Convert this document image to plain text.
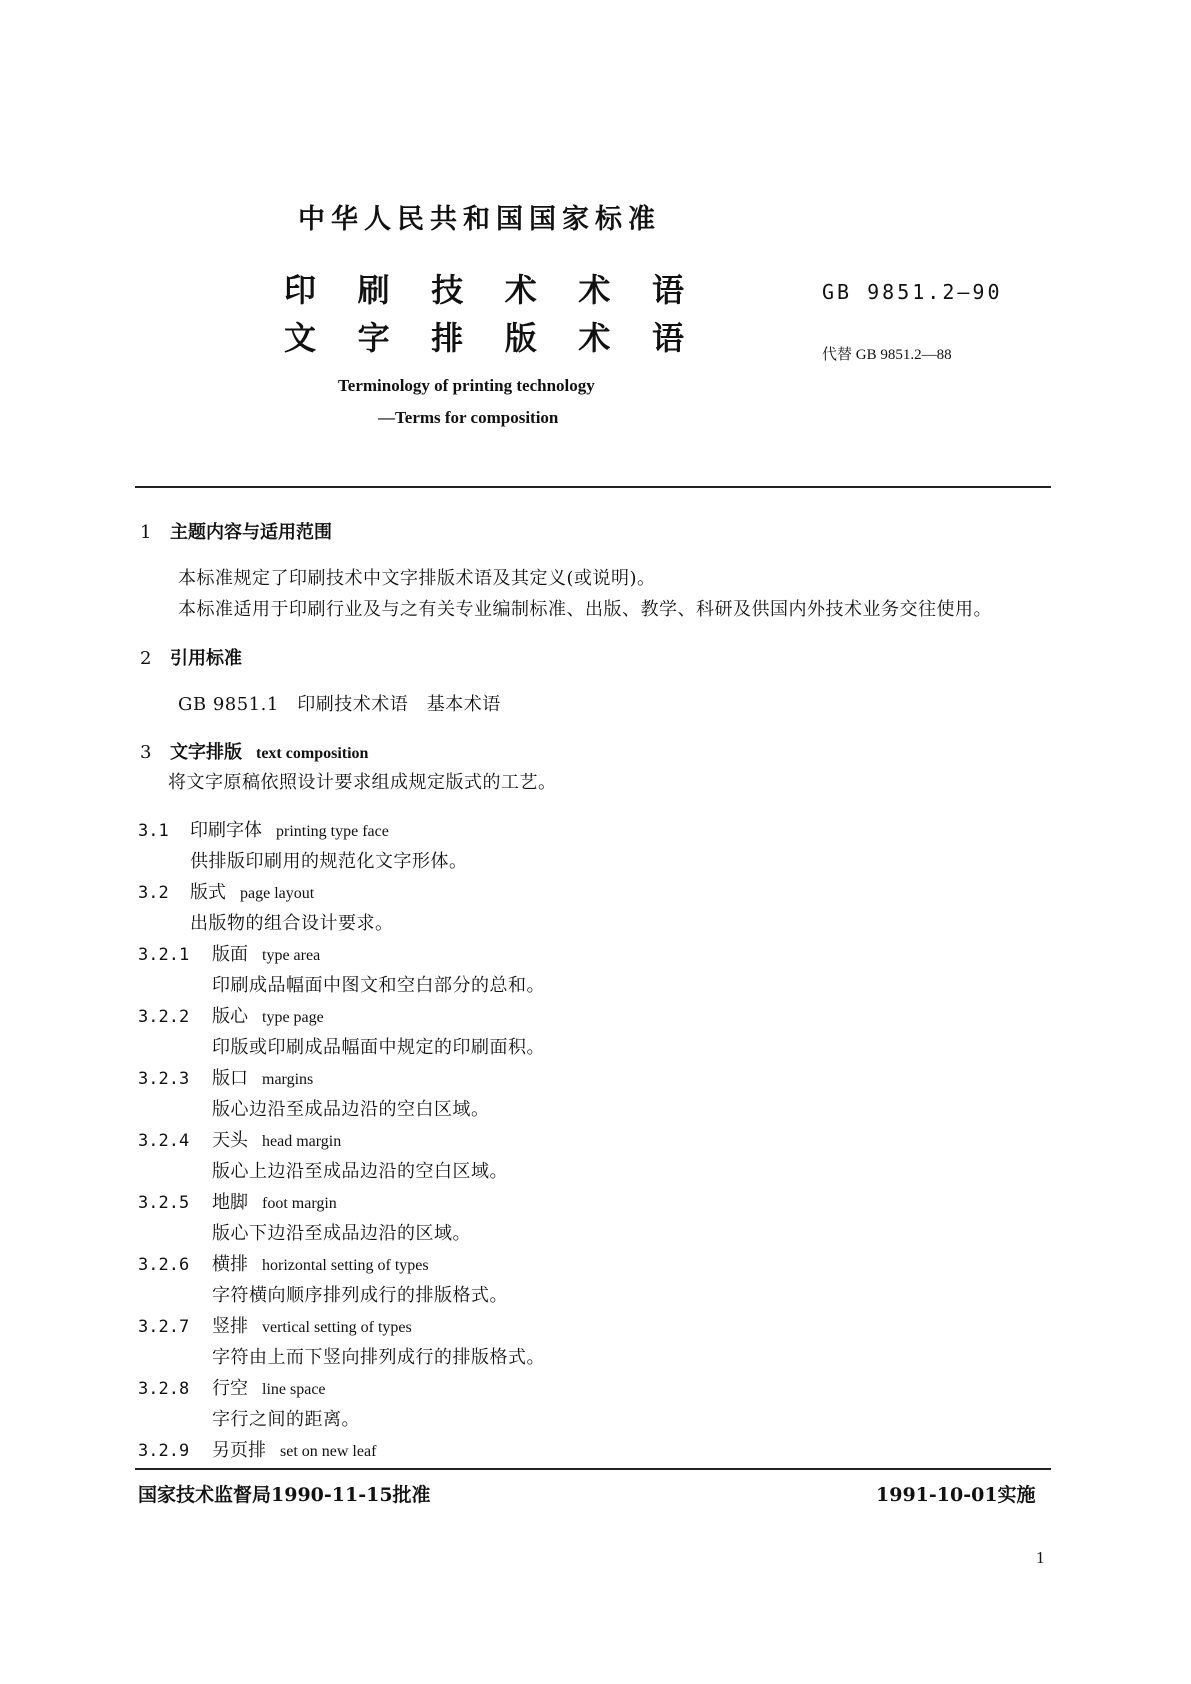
中华人民共和国国家标准
印 刷 技 术 术 语
文 字 排 版 术 语
GB 9851.2—90
代替 GB 9851.2—88
Terminology of printing technology
—Terms for composition
1 主题内容与适用范围
本标准规定了印刷技术中文字排版术语及其定义(或说明)。
本标准适用于印刷行业及与之有关专业编制标准、出版、教学、科研及供国内外技术业务交往使用。
2 引用标准
GB 9851.1　印刷技术术语　基本术语
3 文字排版 text composition
将文字原稿依照设计要求组成规定版式的工艺。
3.1 印刷字体 printing type face
供排版印刷用的规范化文字形体。
3.2 版式 page layout
出版物的组合设计要求。
3.2.1 版面 type area
印刷成品幅面中图文和空白部分的总和。
3.2.2 版心 type page
印版或印刷成品幅面中规定的印刷面积。
3.2.3 版口 margins
版心边沿至成品边沿的空白区域。
3.2.4 天头 head margin
版心上边沿至成品边沿的空白区域。
3.2.5 地脚 foot margin
版心下边沿至成品边沿的区域。
3.2.6 横排 horizontal setting of types
字符横向顺序排列成行的排版格式。
3.2.7 竖排 vertical setting of types
字符由上而下竖向排列成行的排版格式。
3.2.8 行空 line space
字行之间的距离。
3.2.9 另页排 set on new leaf
国家技术监督局1990-11-15批准	1991-10-01实施
1
